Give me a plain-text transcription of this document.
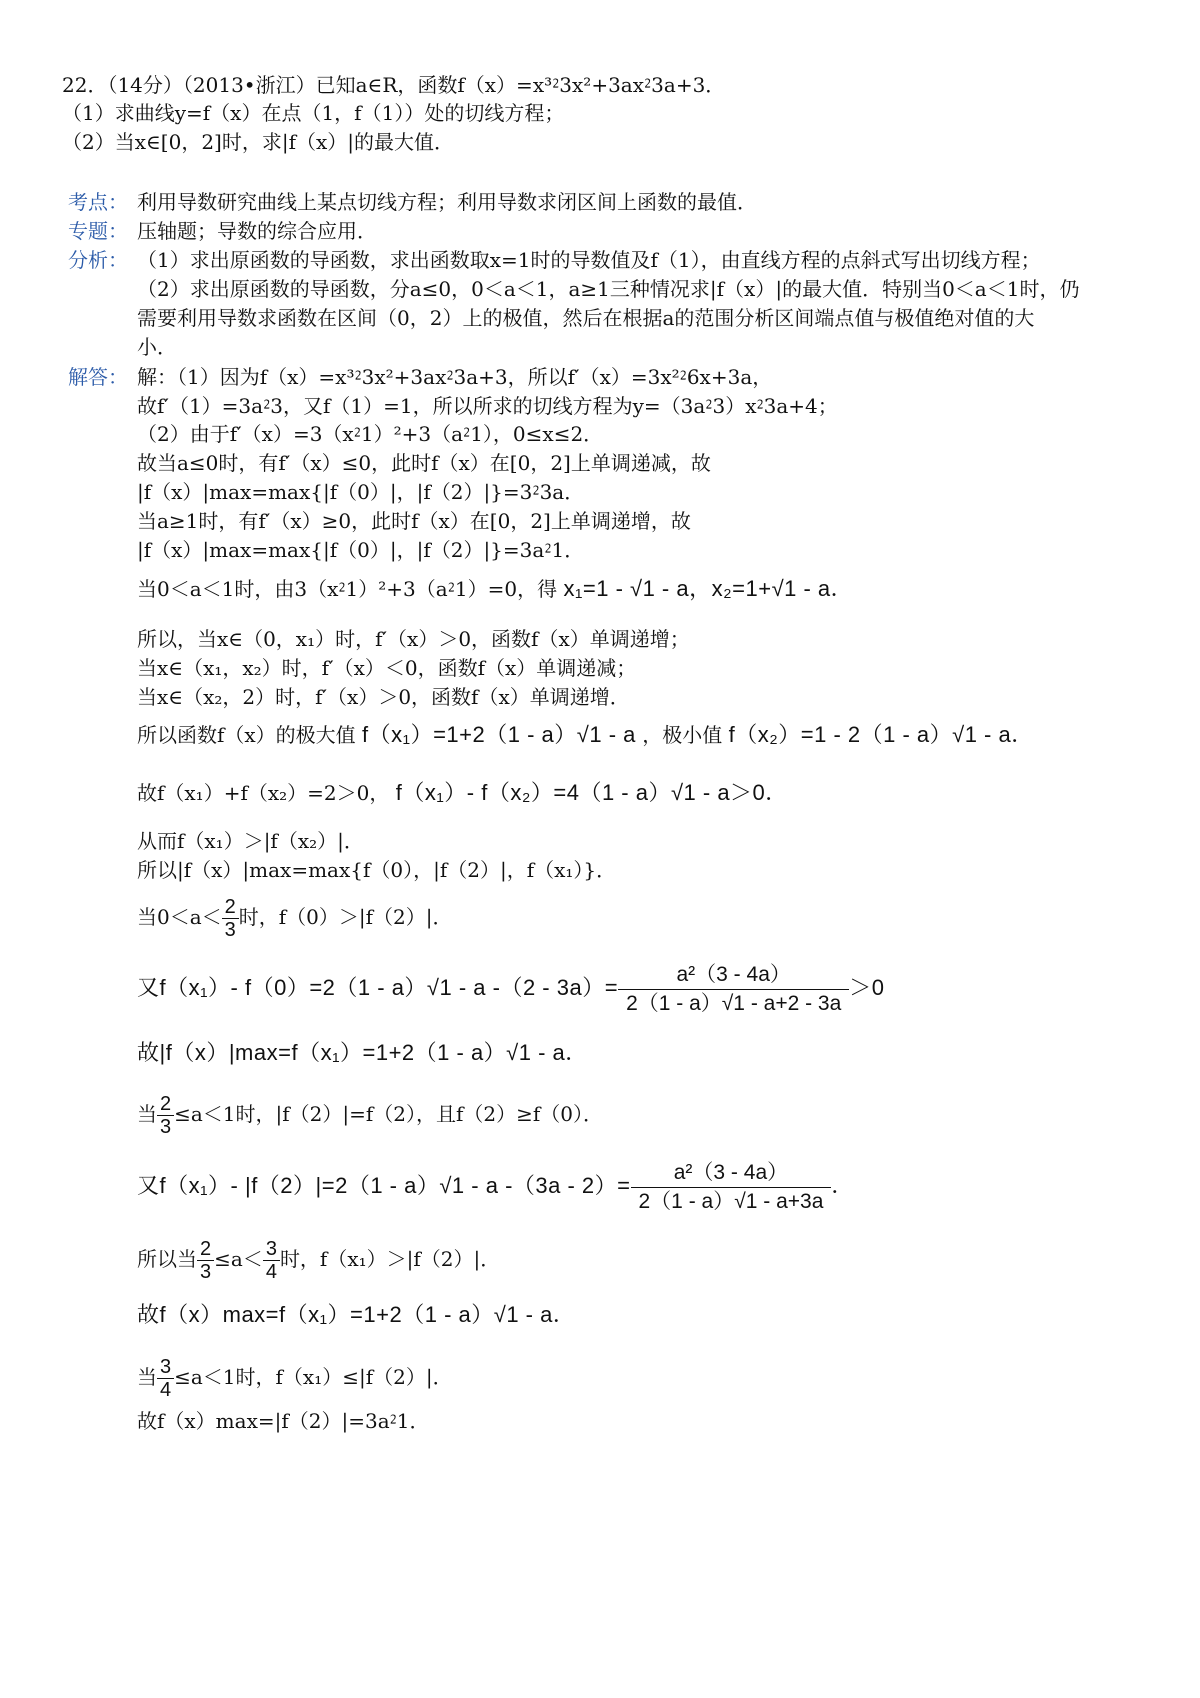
22．（14分）（2013•浙江）已知a∈R，函数f（x）=x³⁲3x²+3ax⁲3a+3．
（1）求曲线y=f（x）在点（1，f（1））处的切线方程；
（2）当x∈[0，2]时，求|f（x）|的最大值．
考点： 利用导数研究曲线上某点切线方程；利用导数求闭区间上函数的最值．
专题： 压轴题；导数的综合应用．
分析： （1）求出原函数的导函数，求出函数取x=1时的导数值及f（1），由直线方程的点斜式写出切线方程；
（2）求出原函数的导函数，分a≤0，0＜a＜1，a≥1三种情况求|f（x）|的最大值．特别当0＜a＜1时，仍
需要利用导数求函数在区间（0，2）上的极值，然后在根据a的范围分析区间端点值与极值绝对值的大
小．
解答： 解：（1）因为f（x）=x³⁲3x²+3ax⁲3a+3，所以f′（x）=3x²⁲6x+3a，
故f′（1）=3a⁲3，又f（1）=1，所以所求的切线方程为y=（3a⁲3）x⁲3a+4；
（2）由于f′（x）=3（x⁲1）²+3（a⁲1），0≤x≤2．
故当a≤0时，有f′（x）≤0，此时f（x）在[0，2]上单调递减，故
|f（x）|max=max{|f（0）|，|f（2）|}=3⁲3a．
当a≥1时，有f′（x）≥0，此时f（x）在[0，2]上单调递增，故
|f（x）|max=max{|f（0）|，|f（2）|}=3a⁲1．
当0＜a＜1时，由3（x⁲1）²+3（a⁲1）=0，得 x₁=1 - √1 - a，x₂=1+√1 - a．
所以，当x∈（0，x₁）时，f′（x）＞0，函数f（x）单调递增；
当x∈（x₁，x₂）时，f′（x）＜0，函数f（x）单调递减；
当x∈（x₂，2）时，f′（x）＞0，函数f（x）单调递增．
所以函数f（x）的极大值 f（x₁）=1+2（1 - a）√1 - a ，极小值 f（x₂）=1 - 2（1 - a）√1 - a．
故f（x₁）+f（x₂）=2＞0， f（x₁）- f（x₂）=4（1 - a）√1 - a＞0．
从而f（x₁）＞|f（x₂）|．
所以|f（x）|max=max{f（0），|f（2）|，f（x₁）}．
当$0<a< \frac{2}{3}$ 时，f（0）＞|f（2）|．
又f（x₁）- f（0）=2（1 - a）√1 - a $-(2 - 3a)= \frac{\text{a²（3 - 4a）}}{2(1 - a)√1 - a+2 - 3a} >0$
故|f（x）|max=f（x₁）=1+2（1 - a）√1 - a．
当 $\frac{2}{3} \le a<1$时，|f（2）|=f（2），且f（2）≥f（0）．
又f（x₁）- |f（2）|=2（1 - a）√1 - a $-(3a - 2)= \frac{\text{a²（3 - 4a）}}{2(1 - a)√1 - a+3a}$ ．
所以当 $\frac{2}{3} \le a< \frac{3}{4}$ 时，f（x₁）＞|f（2）|．
故f（x）max=f（x₁）=1+2（1 - a）√1 - a．
当 $\frac{3}{4} \le a<1$时，f（x₁）≤|f（2）|．
故f（x）max=|f（2）|=3a⁲1．
